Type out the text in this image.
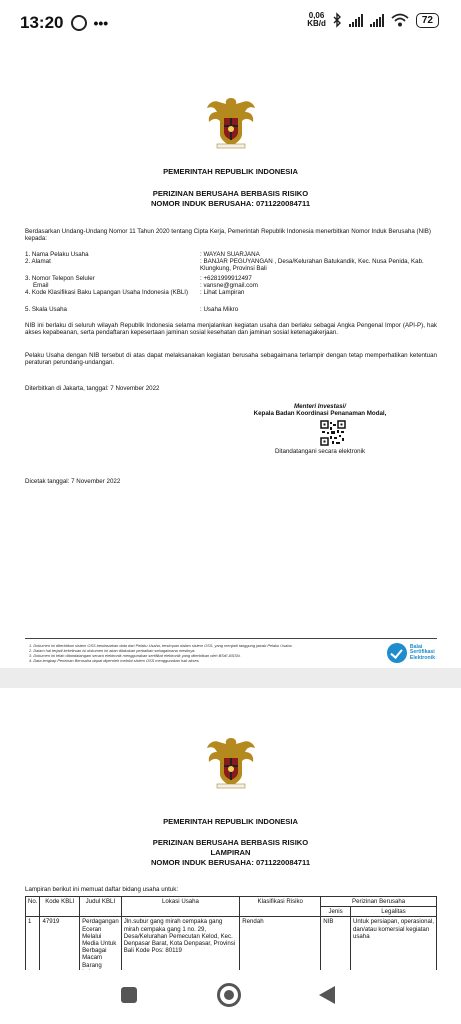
13:20 •••	0,06
KB/d	72
PEMERINTAH REPUBLIK INDONESIA
PERIZINAN BERUSAHA BERBASIS RISIKO
NOMOR INDUK BERUSAHA: 0711220084711
Berdasarkan Undang-Undang Nomor 11 Tahun 2020 tentang Cipta Kerja, Pemerintah Republik Indonesia menerbitkan Nomor Induk Berusaha (NIB) kepada:
1. Nama Pelaku Usaha	: WAYAN SUARJANA
2. Alamat	: BANJAR PEGUYANGAN , Desa/Kelurahan Batukandik, Kec. Nusa Penida, Kab. Klungkung, Provinsi Bali
3. Nomor Telepon Seluler	: +6281999912497
Email	: vansne@gmail.com
4. Kode Klasifikasi Baku Lapangan Usaha Indonesia (KBLI)	: Lihat Lampiran
5. Skala Usaha	: Usaha Mikro
NIB ini berlaku di seluruh wilayah Republik Indonesia selama menjalankan kegiatan usaha dan berlaku sebagai Angka Pengenal Impor (API-P), hak akses kepabeanan, serta pendaftaran kepesertaan jaminan sosial kesehatan dan jaminan sosial ketenagakerjaan.
Pelaku Usaha dengan NIB tersebut di atas dapat melaksanakan kegiatan berusaha sebagaimana terlampir dengan tetap memperhatikan ketentuan peraturan perundang-undangan.
Diterbitkan di Jakarta, tanggal: 7 November 2022
Menteri Investasi/
Kepala Badan Koordinasi Penanaman Modal,
Ditandatangani secara elektronik
Dicetak tanggal: 7 November 2022
1. Dokumen ini diterbitkan sistem OSS berdasarkan data dari Pelaku Usaha, tersimpan dalam sistem OSS, yang menjadi tanggung jawab Pelaku Usaha.
2. Dalam hal terjadi kekeliruan isi dokumen ini akan dilakukan perbaikan sebagaimana mestinya.
3. Dokumen ini telah ditandatangani secara elektronik menggunakan sertifikat elektronik yang diterbitkan oleh BSrE-BSSN.
4. Data lengkap Perizinan Berusaha dapat diperoleh melalui sistem OSS menggunakan hak akses.
Balai
Sertifikasi
Elektronik
PEMERINTAH REPUBLIK INDONESIA
PERIZINAN BERUSAHA BERBASIS RISIKO
LAMPIRAN
NOMOR INDUK BERUSAHA: 0711220084711
Lampiran berikut ini memuat daftar bidang usaha untuk:
No.	Kode KBLI	Judul KBLI	Lokasi Usaha	Klasifikasi Risiko	Perizinan Berusaha	
					Jenis	Legalitas
1	47919	Perdagangan Eceran Melalui Media Untuk Berbagai Macam Barang	Jln.subur gang mirah cempaka gang mirah cempaka gang 1 no. 29, Desa/Kelurahan Pemecutan Kelod, Kec. Denpasar Barat, Kota Denpasar, Provinsi Bali Kode Pos: 80119	Rendah	NIB	Untuk persiapan, operasional, dan/atau komersial kegiatan usaha
